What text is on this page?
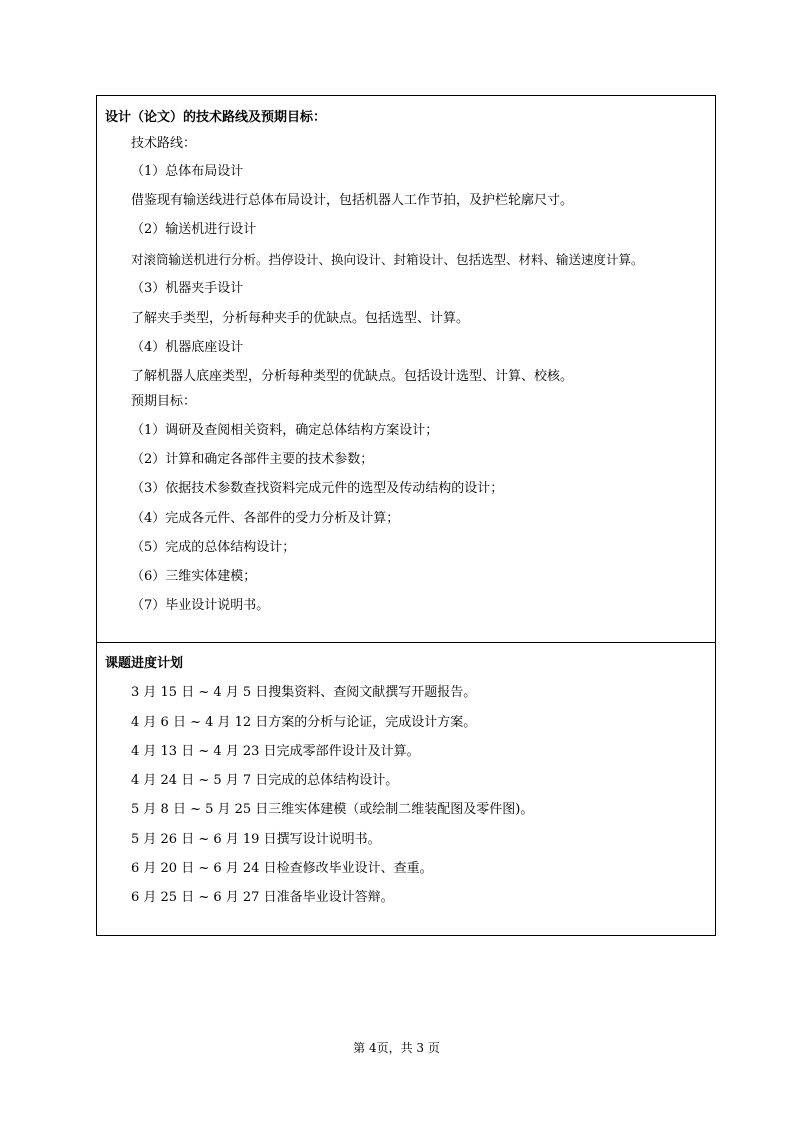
设计（论文）的技术路线及预期目标：
技术路线：
（1）总体布局设计
借鉴现有输送线进行总体布局设计，包括机器人工作节拍，及护栏轮廓尺寸。
（2）输送机进行设计
对滚筒输送机进行分析。挡停设计、换向设计、封箱设计、包括选型、材料、输送速度计算。
（3）机器夹手设计
了解夹手类型，分析每种夹手的优缺点。包括选型、计算。
（4）机器底座设计
了解机器人底座类型，分析每种类型的优缺点。包括设计选型、计算、校核。
预期目标：
（1）调研及查阅相关资料，确定总体结构方案设计；
（2）计算和确定各部件主要的技术参数；
（3）依据技术参数查找资料完成元件的选型及传动结构的设计；
（4）完成各元件、各部件的受力分析及计算；
（5）完成的总体结构设计；
（6）三维实体建模；
（7）毕业设计说明书。
课题进度计划
3 月 15 日 ~ 4 月 5 日搜集资料、查阅文献撰写开题报告。
4 月 6 日 ~ 4 月 12 日方案的分析与论证，完成设计方案。
4 月 13 日 ~ 4 月 23 日完成零部件设计及计算。
4 月 24 日 ~ 5 月 7 日完成的总体结构设计。
5 月 8 日 ~ 5 月 25 日三维实体建模（或绘制二维装配图及零件图)。
5 月 26 日 ~ 6 月 19 日撰写设计说明书。
6 月 20 日 ~ 6 月 24 日检查修改毕业设计、查重。
6 月 25 日 ~ 6 月 27 日准备毕业设计答辩。
第 4页，共 3 页
